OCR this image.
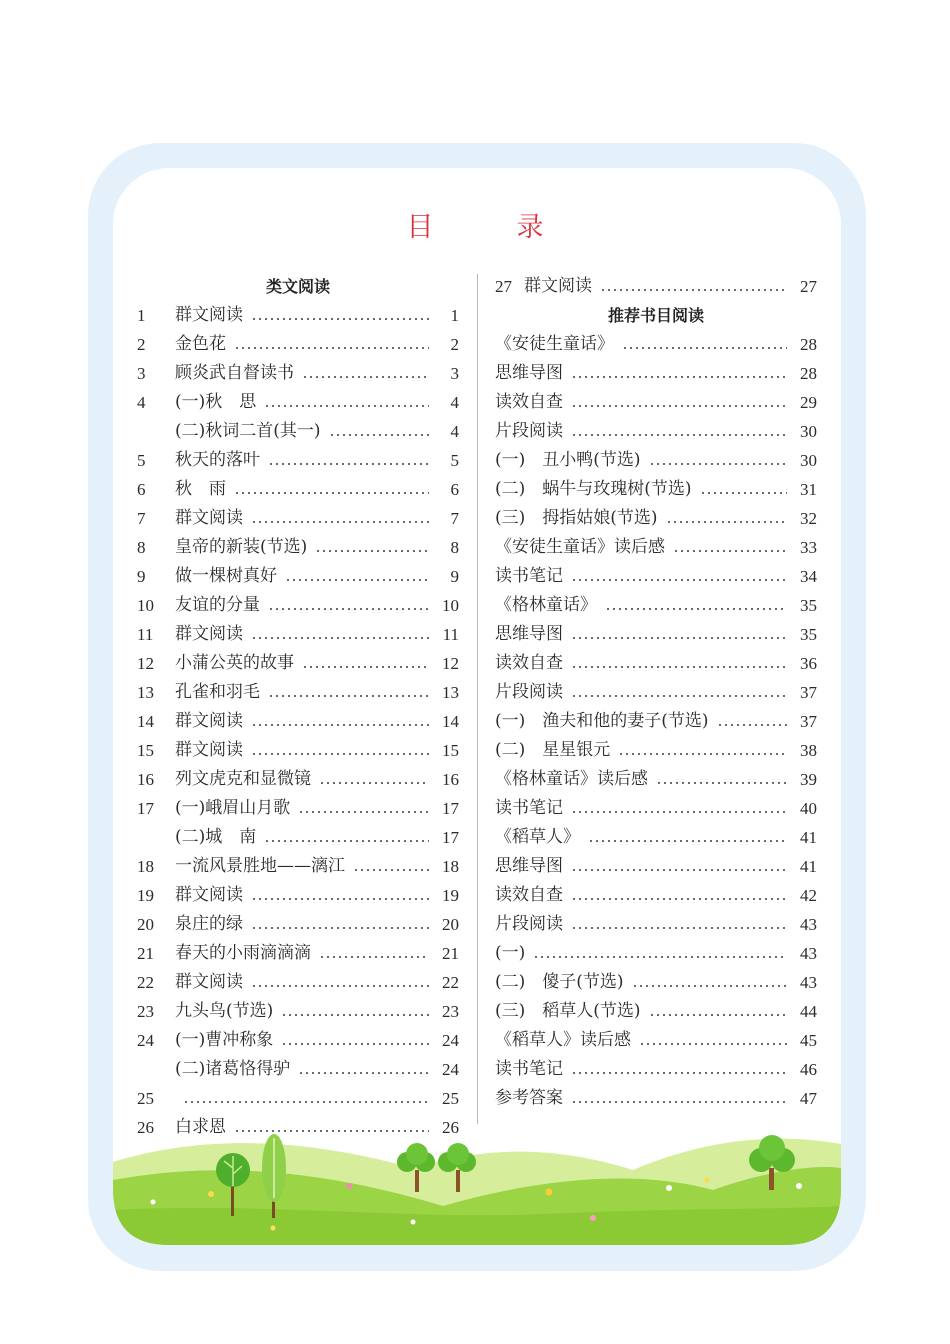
目　录
类文阅读
1	群文阅读	1
2	金色花	2
3	顾炎武自督读书	3
4	(一)秋　思	4
(二)秋词二首(其一)	4
5	秋天的落叶	5
6	秋　雨	6
7	群文阅读	7
8	皇帝的新装(节选)	8
9	做一棵树真好	9
10	友谊的分量	10
11	群文阅读	11
12	小蒲公英的故事	12
13	孔雀和羽毛	13
14	群文阅读	14
15	群文阅读	15
16	列文虎克和显微镜	16
17	(一)峨眉山月歌	17
(二)城　南	17
18	一流风景胜地——漓江	18
19	群文阅读	19
20	泉庄的绿	20
21	春天的小雨滴滴滴	21
22	群文阅读	22
23	九头鸟(节选)	23
24	(一)曹冲称象	24
(二)诸葛恪得驴	24
25	25
26	白求恩	26
27 群文阅读	27
推荐书目阅读
《安徒生童话》	28
思维导图	28
读效自查	29
片段阅读	30
(一)　丑小鸭(节选)	30
(二)　蜗牛与玫瑰树(节选)	31
(三)　拇指姑娘(节选)	32
《安徒生童话》读后感	33
读书笔记	34
《格林童话》	35
思维导图	35
读效自查	36
片段阅读	37
(一)　渔夫和他的妻子(节选)	37
(二)　星星银元	38
《格林童话》读后感	39
读书笔记	40
《稻草人》	41
思维导图	41
读效自查	42
片段阅读	43
(一)	43
(二)　傻子(节选)	43
(三)　稻草人(节选)	44
《稻草人》读后感	45
读书笔记	46
参考答案	47
